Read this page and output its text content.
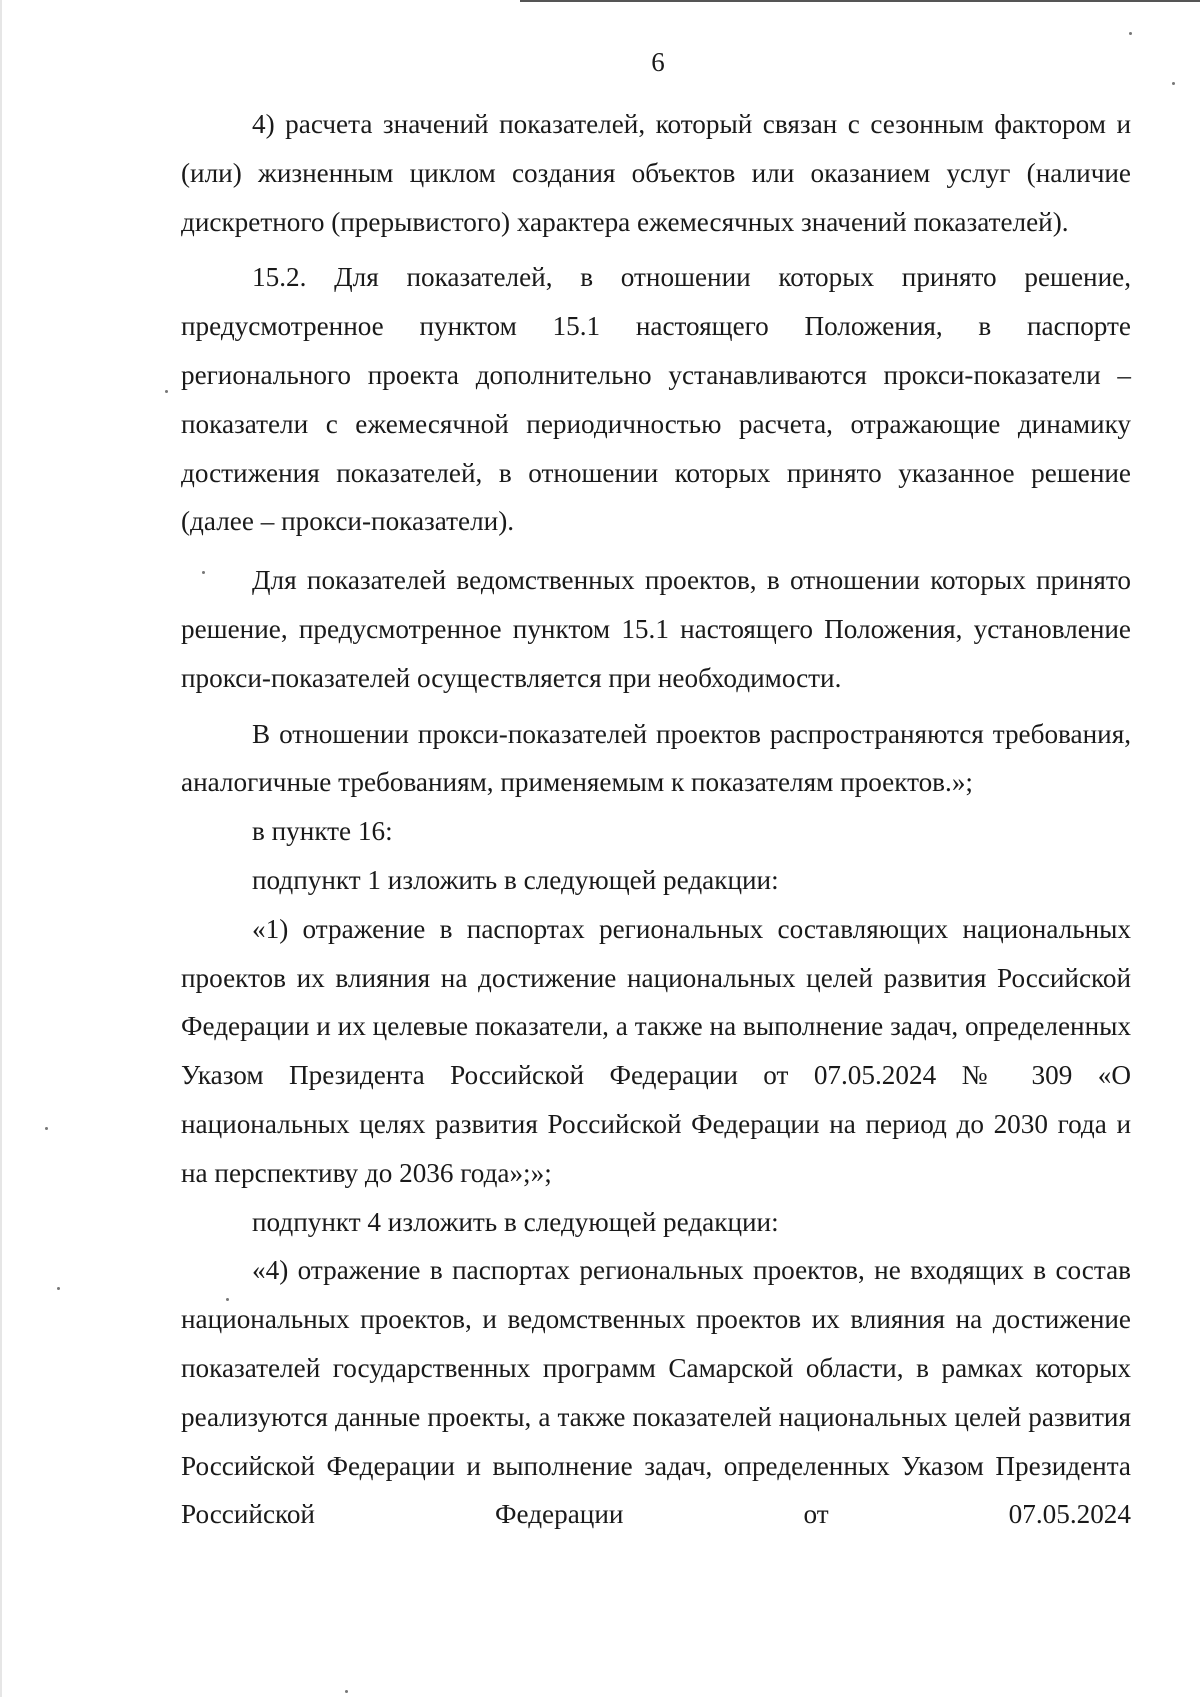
6

4) расчета значений показателей, который связан с сезонным фактором и (или) жизненным циклом создания объектов или оказанием услуг (наличие дискретного (прерывистого) характера ежемесячных значений показателей).

15.2. Для показателей, в отношении которых принято решение, предусмотренное пунктом 15.1 настоящего Положения, в паспорте регионального проекта дополнительно устанавливаются прокси-показатели – показатели с ежемесячной периодичностью расчета, отражающие динамику достижения показателей, в отношении которых принято указанное решение (далее – прокси-показатели).

Для показателей ведомственных проектов, в отношении которых принято решение, предусмотренное пунктом 15.1 настоящего Положения, установление прокси-показателей осуществляется при необходимости.

В отношении прокси-показателей проектов распространяются требования, аналогичные требованиям, применяемым к показателям проектов.»;

в пункте 16:

подпункт 1 изложить в следующей редакции:

«1) отражение в паспортах региональных составляющих национальных проектов их влияния на достижение национальных целей развития Российской Федерации и их целевые показатели, а также на выполнение задач, определенных Указом Президента Российской Федерации от 07.05.2024 № 309 «О национальных целях развития Российской Федерации на период до 2030 года и на перспективу до 2036 года»;»;

подпункт 4 изложить в следующей редакции:

«4) отражение в паспортах региональных проектов, не входящих в состав национальных проектов, и ведомственных проектов их влияния на достижение показателей государственных программ Самарской области, в рамках которых реализуются данные проекты, а также показателей национальных целей развития Российской Федерации и выполнение задач, определенных Указом Президента Российской Федерации от 07.05.2024
